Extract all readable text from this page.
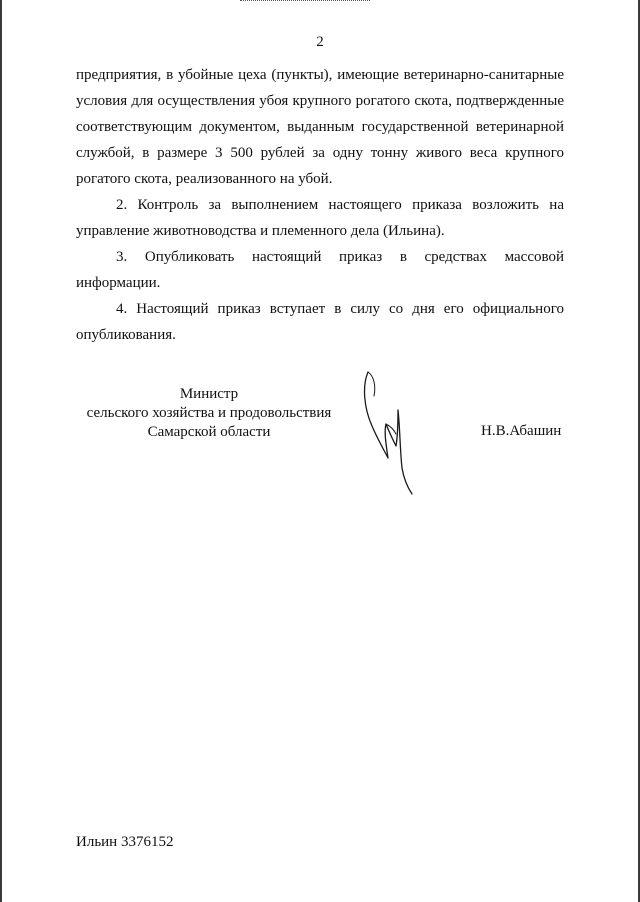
2

предприятия, в убойные цеха (пункты), имеющие ветеринарно-санитарные условия для осуществления убоя крупного рогатого скота, подтвержденные соответствующим документом, выданным государственной ветеринарной службой, в размере 3 500 рублей за одну тонну живого веса крупного рогатого скота, реализованного на убой.

2. Контроль за выполнением настоящего приказа возложить на управление животноводства и племенного дела (Ильина).

3. Опубликовать настоящий приказ в средствах массовой информации.

4. Настоящий приказ вступает в силу со дня его официального опубликования.

Министр
сельского хозяйства и продовольствия
Самарской области	Н.В.Абашин
Ильин 3376152
